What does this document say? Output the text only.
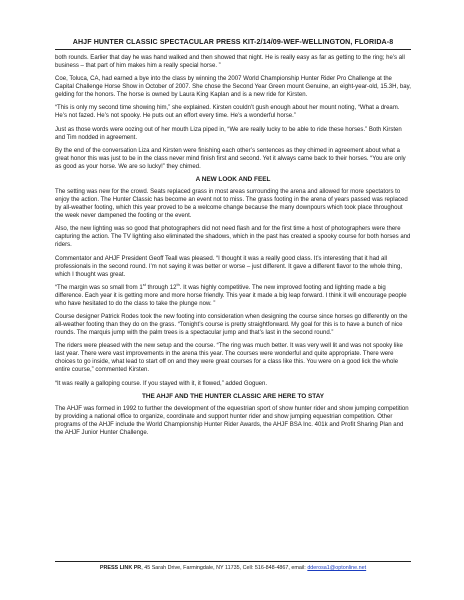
AHJF HUNTER CLASSIC SPECTACULAR PRESS KIT-2/14/09-WEF-WELLINGTON, FLORIDA-8

both rounds. Earlier that day he was hand walked and then showed that night. He is really easy as far as getting to the ring; he’s all business – that part of him makes him a really special horse. ”

Coe, Toluca, CA, had earned a bye into the class by winning the 2007 World Championship Hunter Rider Pro Challenge at the Capital Challenge Horse Show in October of 2007. She chose the Second Year Green mount Genuine, an eight-year-old, 15.3H, bay, gelding for the honors. The horse is owned by Laura King Kaplan and is a new ride for Kirsten.

“This is only my second time showing him,” she explained. Kirsten couldn’t gush enough about her mount noting, “What a dream. He’s not fazed. He’s not spooky. He puts out an effort every time. He’s a wonderful horse.”

Just as those words were oozing out of her mouth Liza piped in, “We are really lucky to be able to ride these horses.” Both Kirsten and Tim nodded in agreement.

By the end of the conversation Liza and Kirsten were finishing each other’s sentences as they chimed in agreement about what a great honor this was just to be in the class never mind finish first and second. Yet it always came back to their horses. “You are only as good as your horse. We are so lucky!” they chimed.

A NEW LOOK AND FEEL

The setting was new for the crowd. Seats replaced grass in most areas surrounding the arena and allowed for more spectators to enjoy the action. The Hunter Classic has become an event not to miss. The grass footing in the arena of years passed was replaced by all-weather footing, which this year proved to be a welcome change because the many downpours which took place throughout the week never dampened the footing or the event.

Also, the new lighting was so good that photographers did not need flash and for the first time a host of photographers were there capturing the action. The TV lighting also eliminated the shadows, which in the past has created a spooky course for both horses and riders.

Commentator and AHJF President Geoff Teall was pleased. “I thought it was a really good class. It’s interesting that it had all professionals in the second round. I’m not saying it was better or worse – just different. It gave a different flavor to the whole thing, which I thought was great.

“The margin was so small from 1st through 12th. It was highly competitive. The new improved footing and lighting made a big difference. Each year it is getting more and more horse friendly. This year it made a big leap forward. I think it will encourage people who have hesitated to do the class to take the plunge now. ”

Course designer Patrick Rodes took the new footing into consideration when designing the course since horses go differently on the all-weather footing than they do on the grass. “Tonight’s course is pretty straightforward. My goal for this is to have a bunch of nice rounds. The marquis jump with the palm trees is a spectacular jump and that’s last in the second round.”

The riders were pleased with the new setup and the course. “The ring was much better. It was very well lit and was not spooky like last year. There were vast improvements in the arena this year. The courses were wonderful and quite appropriate. There were choices to go inside, what lead to start off on and they were great courses for a class like this. You were on a good lick the whole entire course,” commented Kirsten.

“It was really a galloping course. If you stayed with it, it flowed,” added Goguen.

THE AHJF AND THE HUNTER CLASSIC ARE HERE TO STAY

The AHJF was formed in 1992 to further the development of the equestrian sport of show hunter rider and show jumping competition by providing a national office to organize, coordinate and support hunter rider and show jumping equestrian competition. Other programs of the AHJF include the World Championship Hunter Rider Awards, the AHJF BSA Inc. 401k and Profit Sharing Plan and the AHJF Junior Hunter Challenge.

PRESS LINK PR, 45 Sarah Drive, Farmingdale, NY 11735, Cell: 516-848-4867, email: dderosa1@optonline.net
